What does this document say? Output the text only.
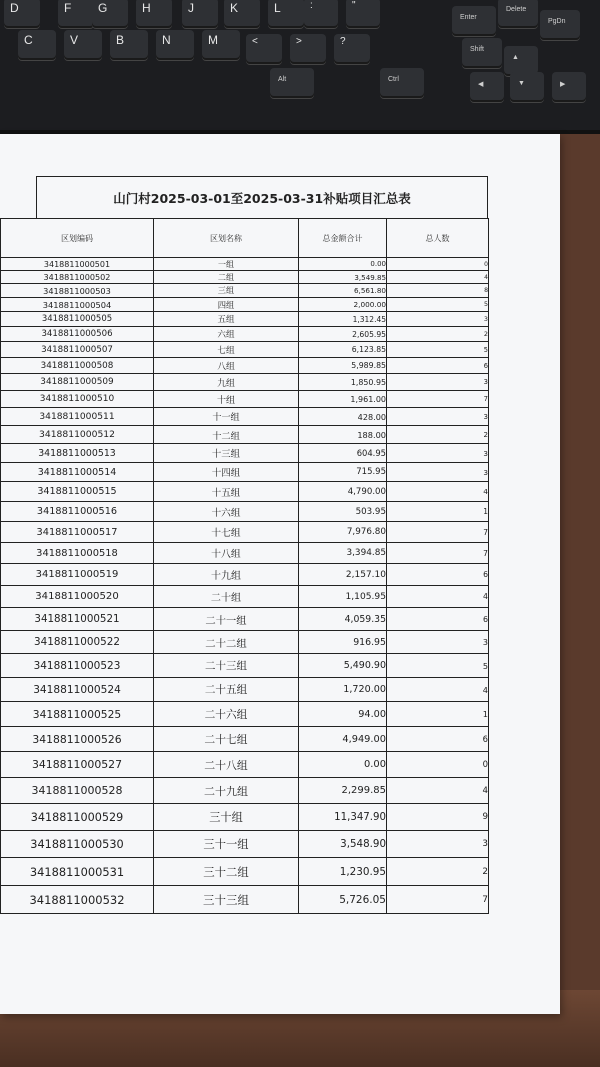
D	F G	H	J	K	L	:	"
Enter
Delete
C	V	B	N	M	<	>	?
Shift
PgDn
Alt	Ctrl
▲
◀	▼	▶
山门村2025-03-01至2025-03-31补贴项目汇总表
区划编码	区划名称	总金额合计	总人数
3418811000501	一组	0.00	0
3418811000502	二组	3,549.85	4
3418811000503	三组	6,561.80	8
3418811000504	四组	2,000.00	5
3418811000505	五组	1,312.45	3
3418811000506	六组	2,605.95	2
3418811000507	七组	6,123.85	5
3418811000508	八组	5,989.85	6
3418811000509	九组	1,850.95	3
3418811000510	十组	1,961.00	7
3418811000511	十一组	428.00	3
3418811000512	十二组	188.00	2
3418811000513	十三组	604.95	3
3418811000514	十四组	715.95	3
3418811000515	十五组	4,790.00	4
3418811000516	十六组	503.95	1
3418811000517	十七组	7,976.80	7
3418811000518	十八组	3,394.85	7
3418811000519	十九组	2,157.10	6
3418811000520	二十组	1,105.95	4
3418811000521	二十一组	4,059.35	6
3418811000522	二十二组	916.95	3
3418811000523	二十三组	5,490.90	5
3418811000524	二十五组	1,720.00	4
3418811000525	二十六组	94.00	1
3418811000526	二十七组	4,949.00	6
3418811000527	二十八组	0.00	0
3418811000528	二十九组	2,299.85	4
3418811000529	三十组	11,347.90	9
3418811000530	三十一组	3,548.90	3
3418811000531	三十二组	1,230.95	2
3418811000532	三十三组	5,726.05	7
